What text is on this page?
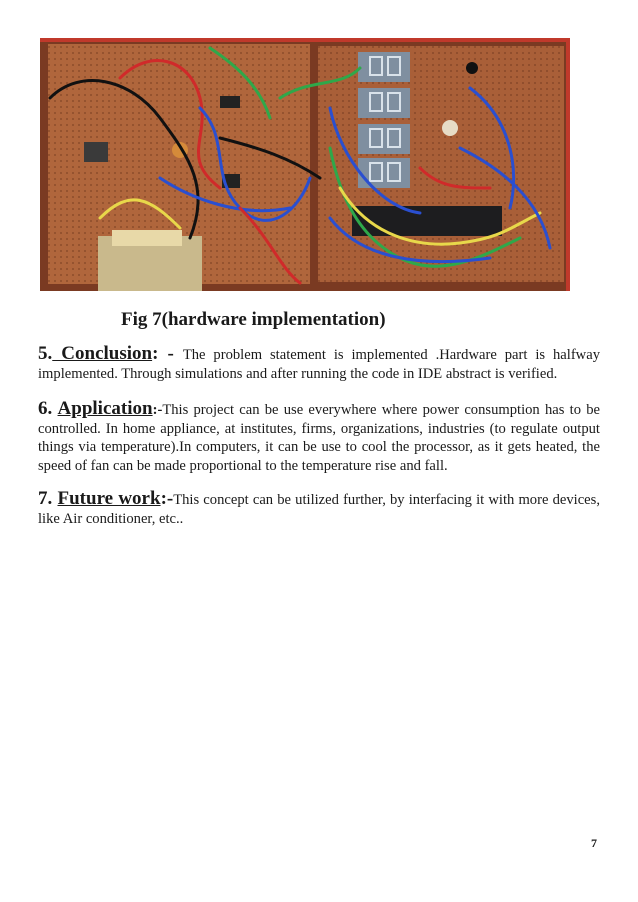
Fig 7(hardware implementation)

5. Conclusion: - The problem statement is implemented .Hardware part is halfway implemented. Through simulations and after running the code in IDE abstract is verified.

6. Application:-This project can be use everywhere where power consumption has to be controlled. In home appliance, at institutes, firms, organizations, industries (to regulate output things via temperature).In computers, it can be use to cool the processor, as it gets heated, the speed of fan can be made proportional to the temperature rise and fall.

7. Future work:-This concept can be utilized further, by interfacing it with more devices, like Air conditioner, etc..

7
